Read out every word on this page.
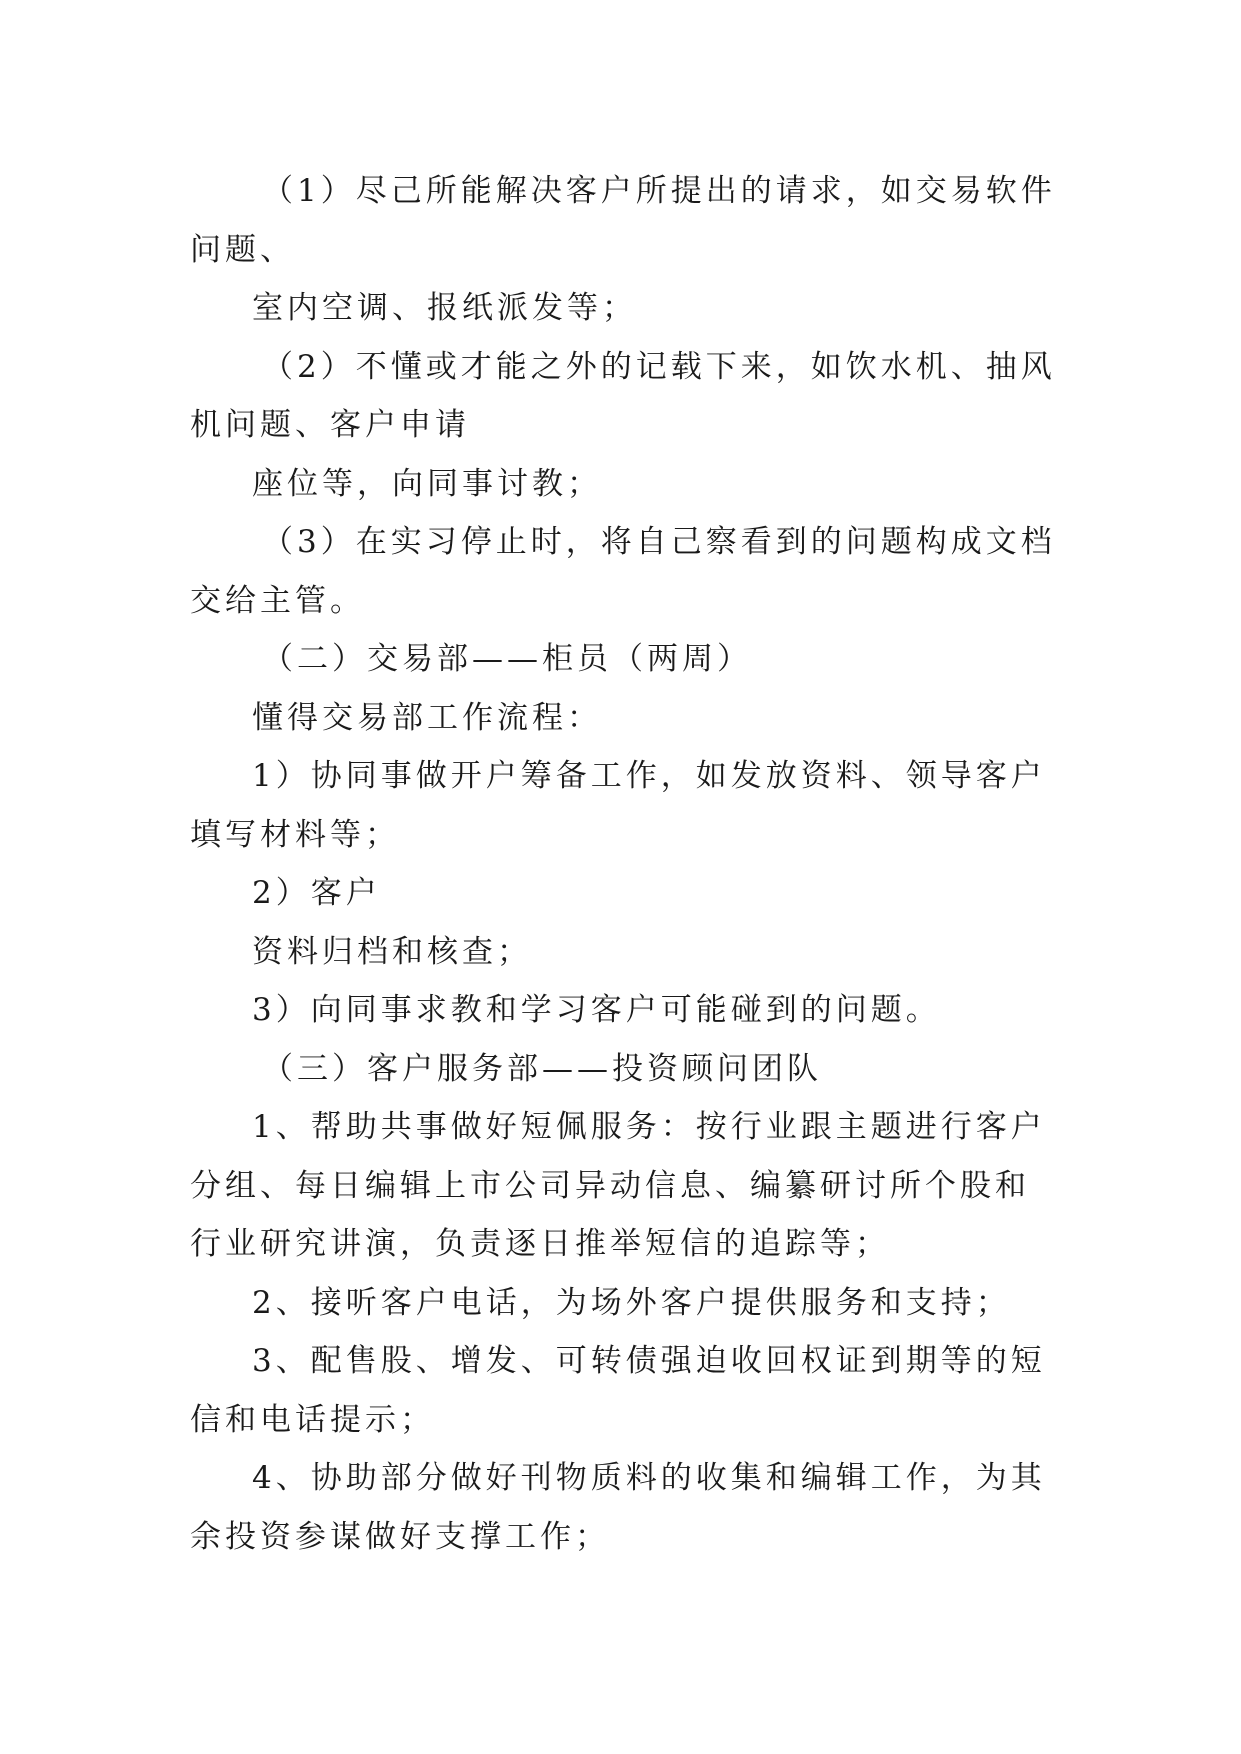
（1）尽己所能解决客户所提出的请求，如交易软件问题、

室内空调、报纸派发等；

（2）不懂或才能之外的记载下来，如饮水机、抽风机问题、客户申请

座位等，向同事讨教；

（3）在实习停止时，将自己察看到的问题构成文档交给主管。

（二）交易部——柜员（两周）

懂得交易部工作流程：

1）协同事做开户筹备工作，如发放资料、领导客户填写材料等；

2）客户

资料归档和核查；

3）向同事求教和学习客户可能碰到的问题。

（三）客户服务部——投资顾问团队

1、帮助共事做好短佩服务：按行业跟主题进行客户分组、每日编辑上市公司异动信息、编纂研讨所个股和行业研究讲演，负责逐日推举短信的追踪等；

2、接听客户电话，为场外客户提供服务和支持；

3、配售股、增发、可转债强迫收回权证到期等的短信和电话提示；

4、协助部分做好刊物质料的收集和编辑工作，为其余投资参谋做好支撑工作；
